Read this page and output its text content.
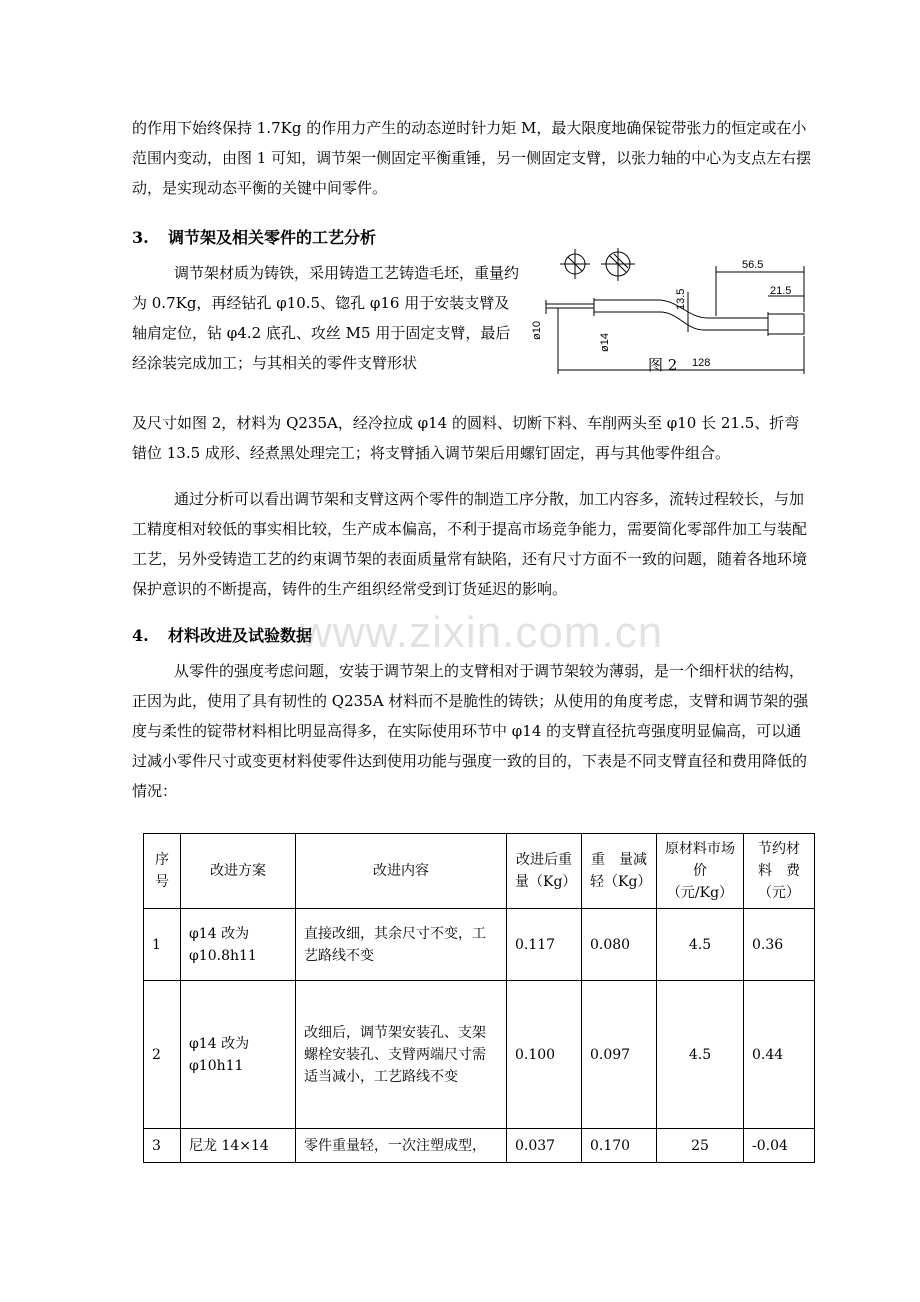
的作用下始终保持 1.7Kg 的作用力产生的动态逆时针力矩 M，最大限度地确保锭带张力的恒定或在小范围内变动，由图 1 可知，调节架一侧固定平衡重锤，另一侧固定支臂，以张力轴的中心为支点左右摆动，是实现动态平衡的关键中间零件。
3. 调节架及相关零件的工艺分析
调节架材质为铸铁，采用铸造工艺铸造毛坯，重量约为 0.7Kg，再经钻孔 φ10.5、锪孔 φ16 用于安装支臂及轴肩定位，钻 φ4.2 底孔、攻丝 M5 用于固定支臂，最后经涂装完成加工；与其相关的零件支臂形状
56.5
21.5
13.5
ø10
ø14
128
图 2
及尺寸如图 2，材料为 Q235A，经冷拉成 φ14 的圆料、切断下料、车削两头至 φ10 长 21.5、折弯错位 13.5 成形、经煮黑处理完工；将支臂插入调节架后用螺钉固定，再与其他零件组合。
通过分析可以看出调节架和支臂这两个零件的制造工序分散，加工内容多，流转过程较长，与加工精度相对较低的事实相比较，生产成本偏高，不利于提高市场竞争能力，需要简化零部件加工与装配工艺，另外受铸造工艺的约束调节架的表面质量常有缺陷，还有尺寸方面不一致的问题，随着各地环境保护意识的不断提高，铸件的生产组织经常受到订货延迟的影响。
4. 材料改进及试验数据
www.zixin.com.cn
从零件的强度考虑问题，安装于调节架上的支臂相对于调节架较为薄弱，是一个细杆状的结构，正因为此，使用了具有韧性的 Q235A 材料而不是脆性的铸铁；从使用的角度考虑，支臂和调节架的强度与柔性的锭带材料相比明显高得多，在实际使用环节中 φ14 的支臂直径抗弯强度明显偏高，可以通过减小零件尺寸或变更材料使零件达到使用功能与强度一致的目的，下表是不同支臂直径和费用降低的情况：
序号	改进方案	改进内容	改进后重　量（Kg）	重　量减　轻（Kg）	原材料市场价（元/Kg）	节约材料　费（元）
1	φ14 改为 φ10.8h11	直接改细，其余尺寸不变，工艺路线不变	0.117	0.080	4.5	0.36
2	φ14 改为 φ10h11	改细后，调节架安装孔、支架螺栓安装孔、支臂两端尺寸需适当减小，工艺路线不变	0.100	0.097	4.5	0.44
3	尼龙 14×14	零件重量轻，一次注塑成型，	0.037	0.170	25	-0.04
